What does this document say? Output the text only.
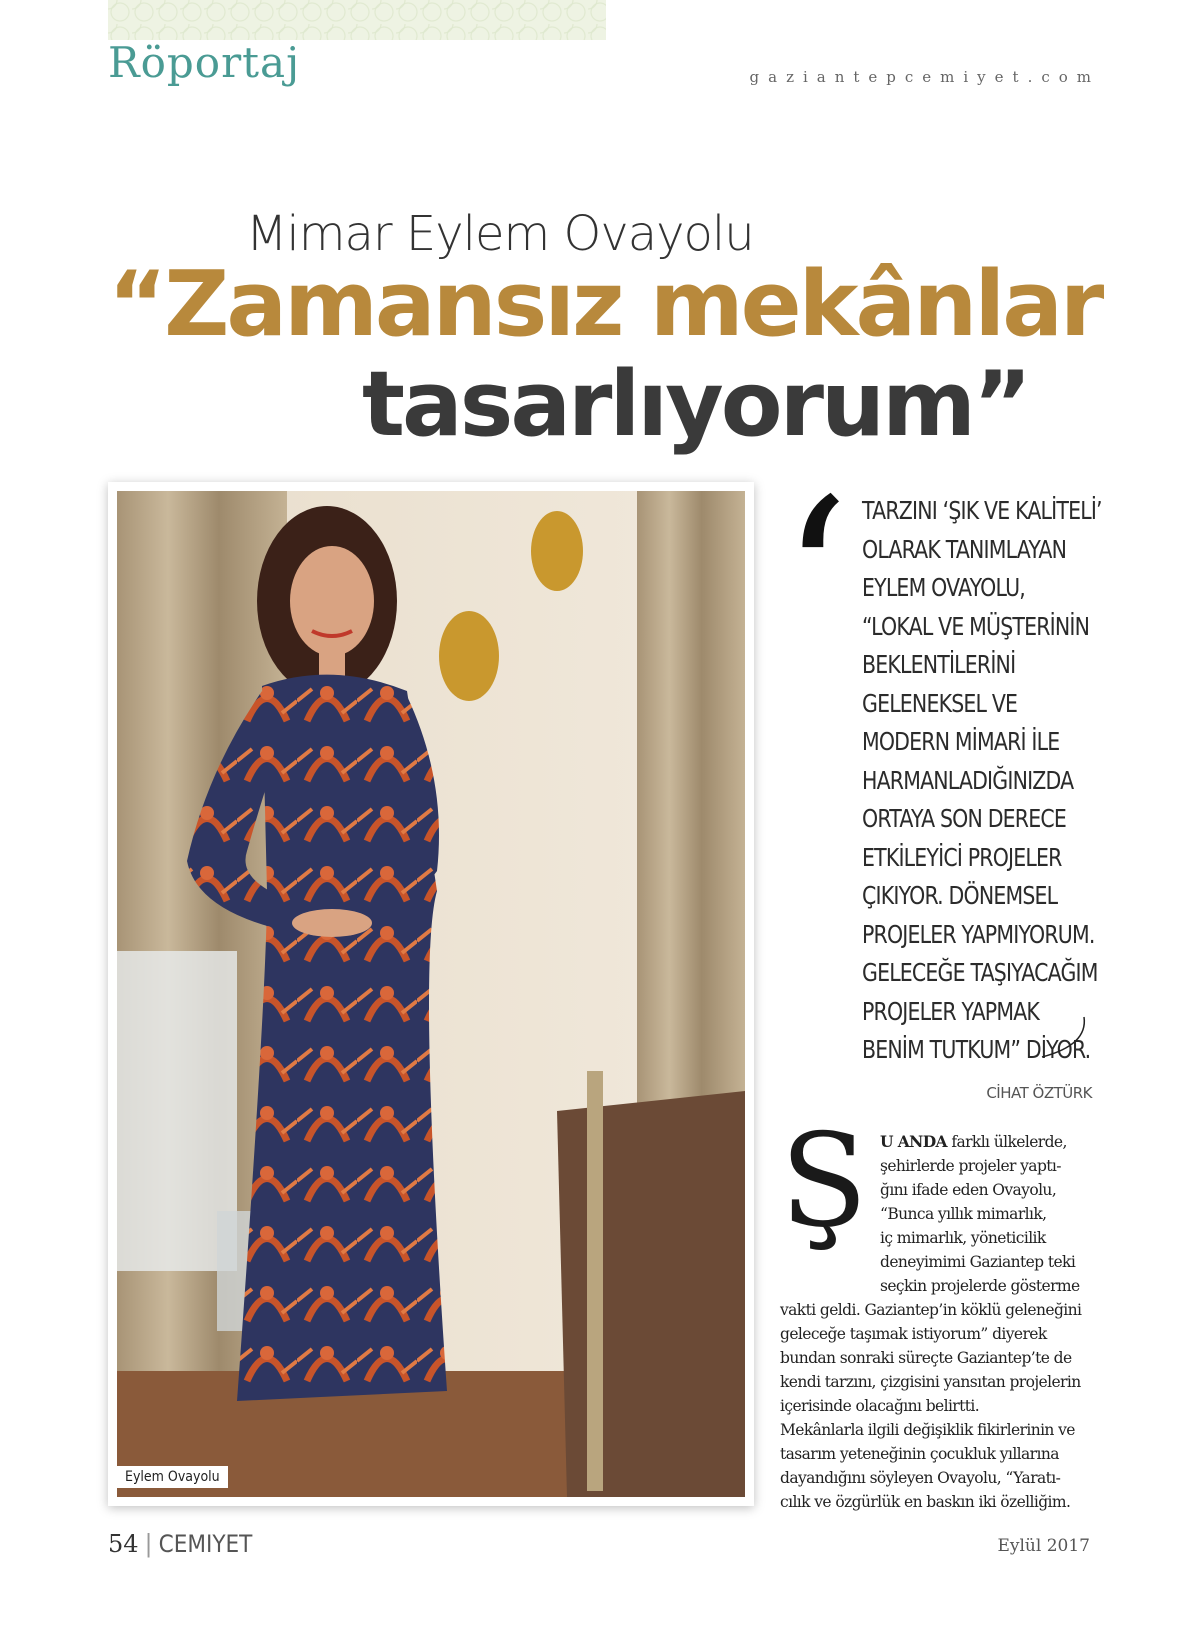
Röportaj	gaziantepcemiyet.com
Mimar Eylem Ovayolu
“Zamansız mekânlar
tasarlıyorum”
Eylem Ovayolu
‘ TARZINI ‘ŞIK VE KALİTELİ’
OLARAK TANIMLAYAN
EYLEM OVAYOLU,
“LOKAL VE MÜŞTERİNİN
BEKLENTİLERİNİ
GELENEKSEL VE
MODERN MİMARİ İLE
HARMANLADIĞINIZDA
ORTAYA SON DERECE
ETKİLEYİCİ PROJELER
ÇIKIYOR. DÖNEMSEL
PROJELER YAPMIYORUM.
GELECEĞE TAŞIYACAĞIM
PROJELER YAPMAK
BENİM TUTKUM” DİYOR.
CİHAT ÖZTÜRK
Ş U ANDA farklı ülkelerde,
şehirlerde projeler yaptı-
ğını ifade eden Ovayolu,
“Bunca yıllık mimarlık,
iç mimarlık, yöneticilik
deneyimimi Gaziantep teki
seçkin projelerde gösterme
vakti geldi. Gaziantep’in köklü geleneğini
geleceğe taşımak istiyorum” diyerek
bundan sonraki süreçte Gaziantep’te de
kendi tarzını, çizgisini yansıtan projelerin
içerisinde olacağını belirtti.
Mekânlarla ilgili değişiklik fikirlerinin ve
tasarım yeteneğinin çocukluk yıllarına
dayandığını söyleyen Ovayolu, “Yaratı-
cılık ve özgürlük en baskın iki özelliğim.
54 | CEMIYET	Eylül 2017
